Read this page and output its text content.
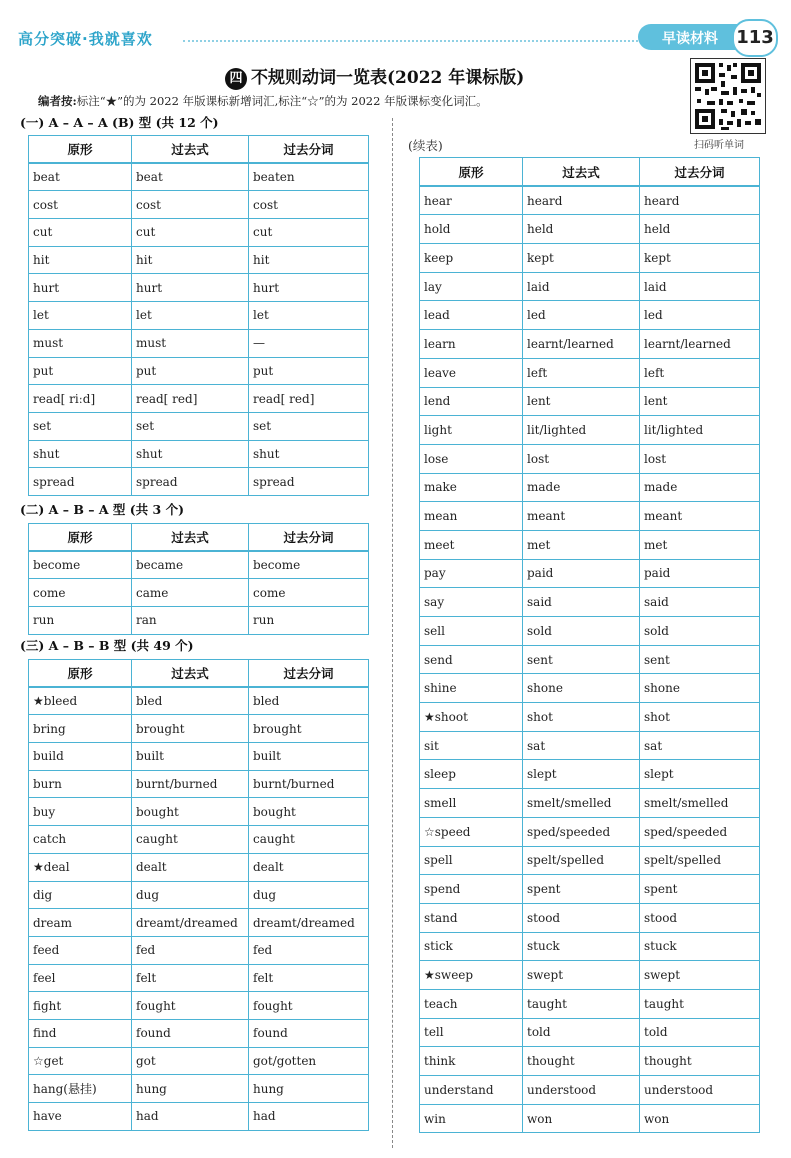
高分突破·我就喜欢	早读材料 113
四 不规则动词一览表(2022 年课标版)
编者按:标注“★”的为 2022 年版课标新增词汇,标注“☆”的为 2022 年版课标变化词汇。
扫码听单词
(一) A – A – A (B) 型 (共 12 个)
原形	过去式	过去分词
beat	beat	beaten
cost	cost	cost
cut	cut	cut
hit	hit	hit
hurt	hurt	hurt
let	let	let
must	must	—
put	put	put
read[ riːd]	read[ red]	read[ red]
set	set	set
shut	shut	shut
spread	spread	spread
(二) A – B – A 型 (共 3 个)
原形	过去式	过去分词
become	became	become
come	came	come
run	ran	run
(三) A – B – B 型 (共 49 个)
原形	过去式	过去分词
★bleed	bled	bled
bring	brought	brought
build	built	built
burn	burnt/burned	burnt/burned
buy	bought	bought
catch	caught	caught
★deal	dealt	dealt
dig	dug	dug
dream	dreamt/dreamed	dreamt/dreamed
feed	fed	fed
feel	felt	felt
fight	fought	fought
find	found	found
☆get	got	got/gotten
hang(悬挂)	hung	hung
have	had	had
(续表)
原形	过去式	过去分词
hear	heard	heard
hold	held	held
keep	kept	kept
lay	laid	laid
lead	led	led
learn	learnt/learned	learnt/learned
leave	left	left
lend	lent	lent
light	lit/lighted	lit/lighted
lose	lost	lost
make	made	made
mean	meant	meant
meet	met	met
pay	paid	paid
say	said	said
sell	sold	sold
send	sent	sent
shine	shone	shone
★shoot	shot	shot
sit	sat	sat
sleep	slept	slept
smell	smelt/smelled	smelt/smelled
☆speed	sped/speeded	sped/speeded
spell	spelt/spelled	spelt/spelled
spend	spent	spent
stand	stood	stood
stick	stuck	stuck
★sweep	swept	swept
teach	taught	taught
tell	told	told
think	thought	thought
understand	understood	understood
win	won	won
